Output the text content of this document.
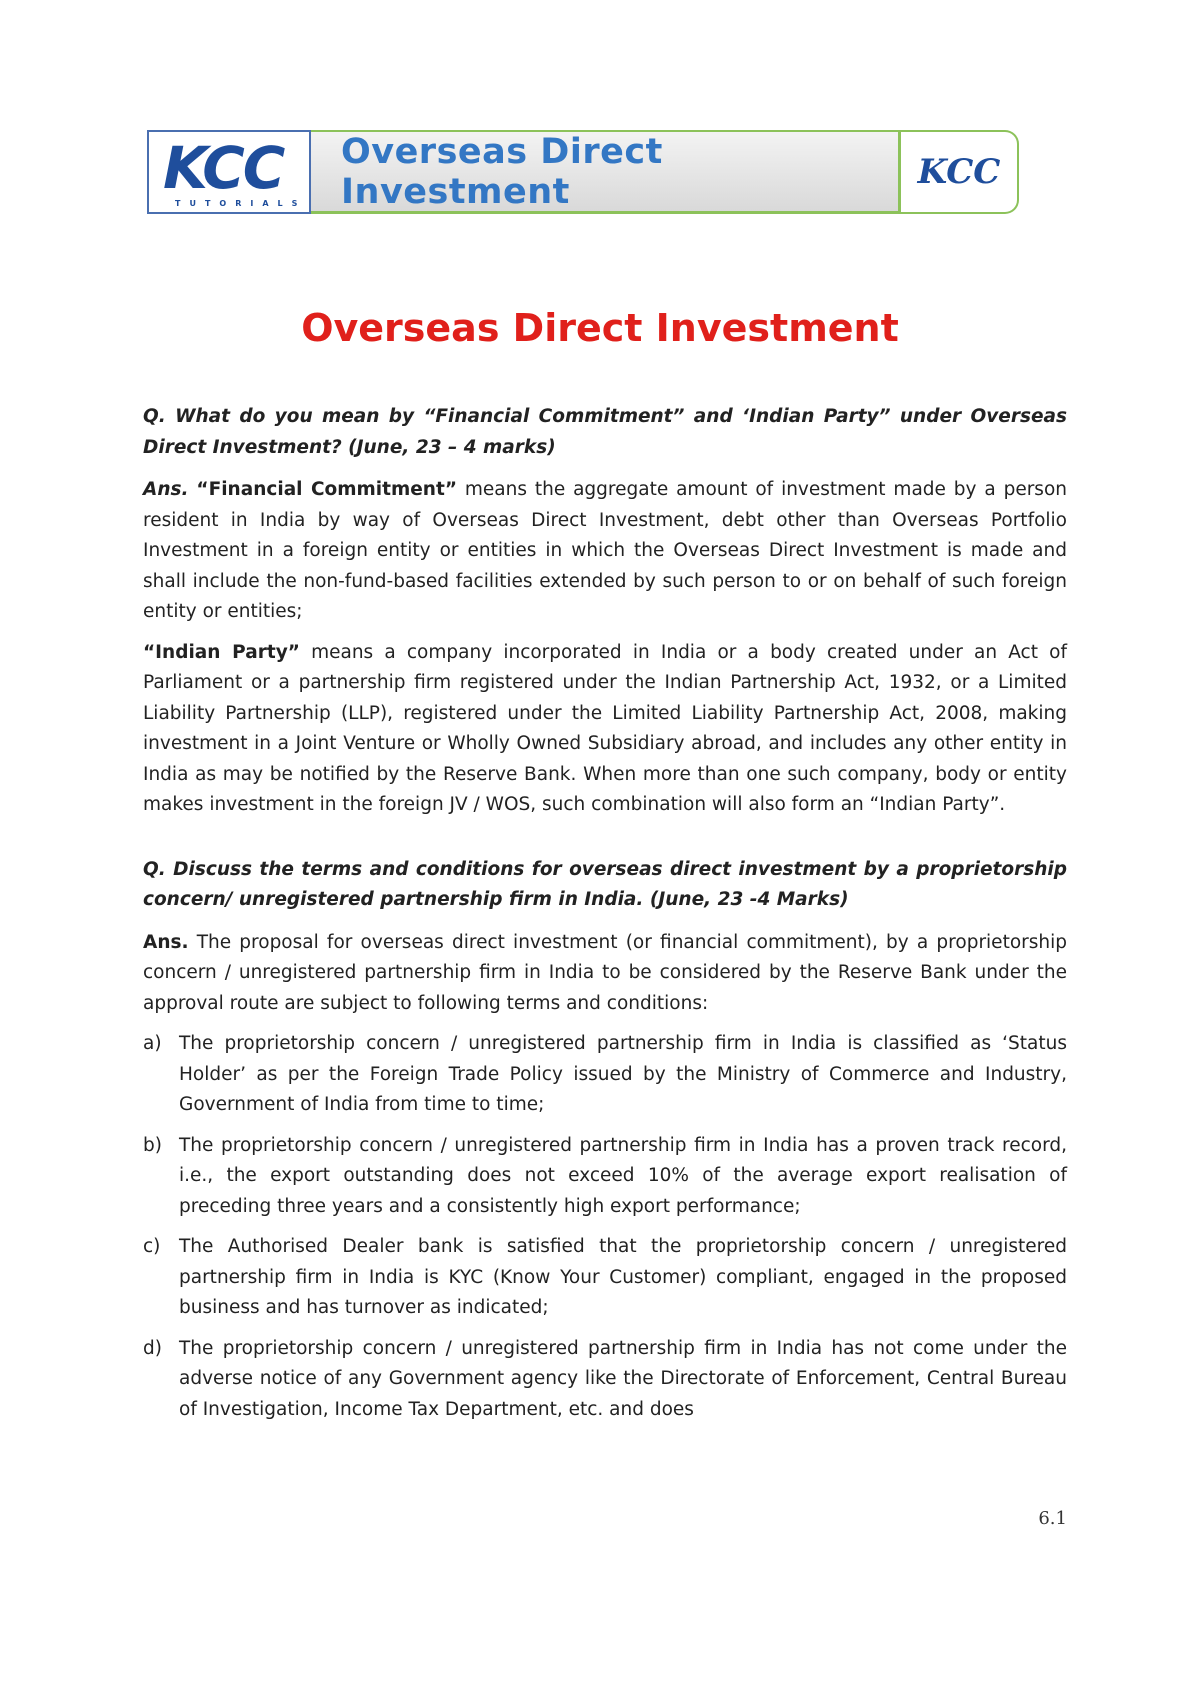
KCC
TUTORIALS
Overseas Direct Investment	KCC
Overseas Direct Investment

Q. What do you mean by “Financial Commitment” and ‘Indian Party” under Overseas Direct Investment? (June, 23 – 4 marks)

Ans. “Financial Commitment” means the aggregate amount of investment made by a person resident in India by way of Overseas Direct Investment, debt other than Overseas Portfolio Investment in a foreign entity or entities in which the Overseas Direct Investment is made and shall include the non-fund-based facilities extended by such person to or on behalf of such foreign entity or entities;

“Indian Party” means a company incorporated in India or a body created under an Act of Parliament or a partnership firm registered under the Indian Partnership Act, 1932, or a Limited Liability Partnership (LLP), registered under the Limited Liability Partnership Act, 2008, making investment in a Joint Venture or Wholly Owned Subsidiary abroad, and includes any other entity in India as may be notified by the Reserve Bank. When more than one such company, body or entity makes investment in the foreign JV / WOS, such combination will also form an “Indian Party”.

Q. Discuss the terms and conditions for overseas direct investment by a proprietorship concern/ unregistered partnership firm in India. (June, 23 -4 Marks)

Ans. The proposal for overseas direct investment (or financial commitment), by a proprietorship concern / unregistered partnership firm in India to be considered by the Reserve Bank under the approval route are subject to following terms and conditions:

a) The proprietorship concern / unregistered partnership firm in India is classified as ‘Status Holder’ as per the Foreign Trade Policy issued by the Ministry of Commerce and Industry, Government of India from time to time;
b) The proprietorship concern / unregistered partnership firm in India has a proven track record, i.e., the export outstanding does not exceed 10% of the average export realisation of preceding three years and a consistently high export performance;
c) The Authorised Dealer bank is satisfied that the proprietorship concern / unregistered partnership firm in India is KYC (Know Your Customer) compliant, engaged in the proposed business and has turnover as indicated;
d) The proprietorship concern / unregistered partnership firm in India has not come under the adverse notice of any Government agency like the Directorate of Enforcement, Central Bureau of Investigation, Income Tax Department, etc. and does
6.1
